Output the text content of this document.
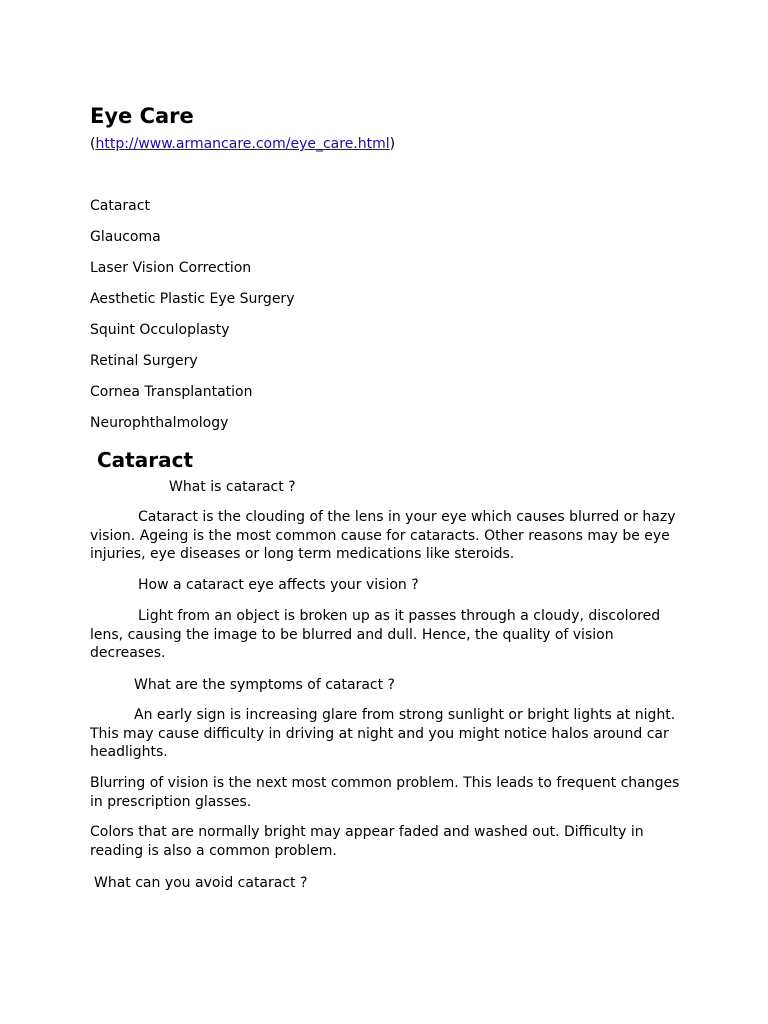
Eye Care

(http://www.armancare.com/eye_care.html)

Cataract
Glaucoma
Laser Vision Correction
Aesthetic Plastic Eye Surgery
Squint Occuloplasty
Retinal Surgery
Cornea Transplantation
Neurophthalmology
Cataract

What is cataract ?

Cataract is the clouding of the lens in your eye which causes blurred or hazy vision. Ageing is the most common cause for cataracts. Other reasons may be eye injuries, eye diseases or long term medications like steroids.

How a cataract eye affects your vision ?

Light from an object is broken up as it passes through a cloudy, discolored lens, causing the image to be blurred and dull. Hence, the quality of vision decreases.

What are the symptoms of cataract ?

An early sign is increasing glare from strong sunlight or bright lights at night. This may cause difficulty in driving at night and you might notice halos around car headlights.

Blurring of vision is the next most common problem. This leads to frequent changes in prescription glasses.

Colors that are normally bright may appear faded and washed out. Difficulty in reading is also a common problem.

What can you avoid cataract ?
